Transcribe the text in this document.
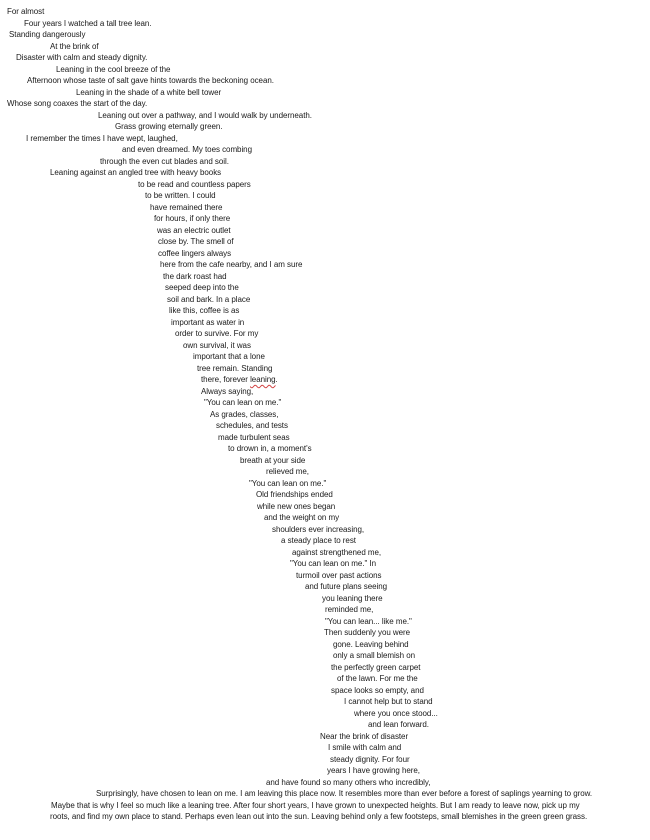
For almost
Four years I watched a tall tree lean.
Standing dangerously
At the brink of
Disaster with calm and steady dignity.
Leaning in the cool breeze of the
Afternoon whose taste of salt gave hints towards the beckoning ocean.
Leaning in the shade of a white bell tower
Whose song coaxes the start of the day.
Leaning out over a pathway, and I would walk by underneath.
Grass growing eternally green.
I remember the times I have wept, laughed,
and even dreamed. My toes combing
through the even cut blades and soil.
Leaning against an angled tree with heavy books
to be read and countless papers
to be written. I could
have remained there
for hours, if only there
was an electric outlet
close by. The smell of
coffee lingers always
here from the cafe nearby, and I am sure
the dark roast had
seeped deep into the
soil and bark. In a place
like this, coffee is as
important as water in
order to survive. For my
own survival, it was
important that a lone
tree remain. Standing
there, forever leaning.
Always saying,
"You can lean on me."
As grades, classes,
schedules, and tests
made turbulent seas
to drown in, a moment's
breath at your side
relieved me,
"You can lean on me."
Old friendships ended
while new ones began
and the weight on my
shoulders ever increasing,
a steady place to rest
against strengthened me,
"You can lean on me." In
turmoil over past actions
and future plans seeing
you leaning there
reminded me,
"You can lean... like me."
Then suddenly you were
gone. Leaving behind
only a small blemish on
the perfectly green carpet
of the lawn. For me the
space looks so empty, and
I cannot help but to stand
where you once stood...
and lean forward.
Near the brink of disaster
I smile with calm and
steady dignity. For four
years I have growing here,
and have found so many others who incredibly,
Surprisingly, have chosen to lean on me. I am leaving this place now. It resembles more than ever before a forest of saplings yearning to grow.
Maybe that is why I feel so much like a leaning tree. After four short years, I have grown to unexpected heights. But I am ready to leave now, pick up my
roots, and find my own place to stand. Perhaps even lean out into the sun. Leaving behind only a few footsteps, small blemishes in the green green grass.
